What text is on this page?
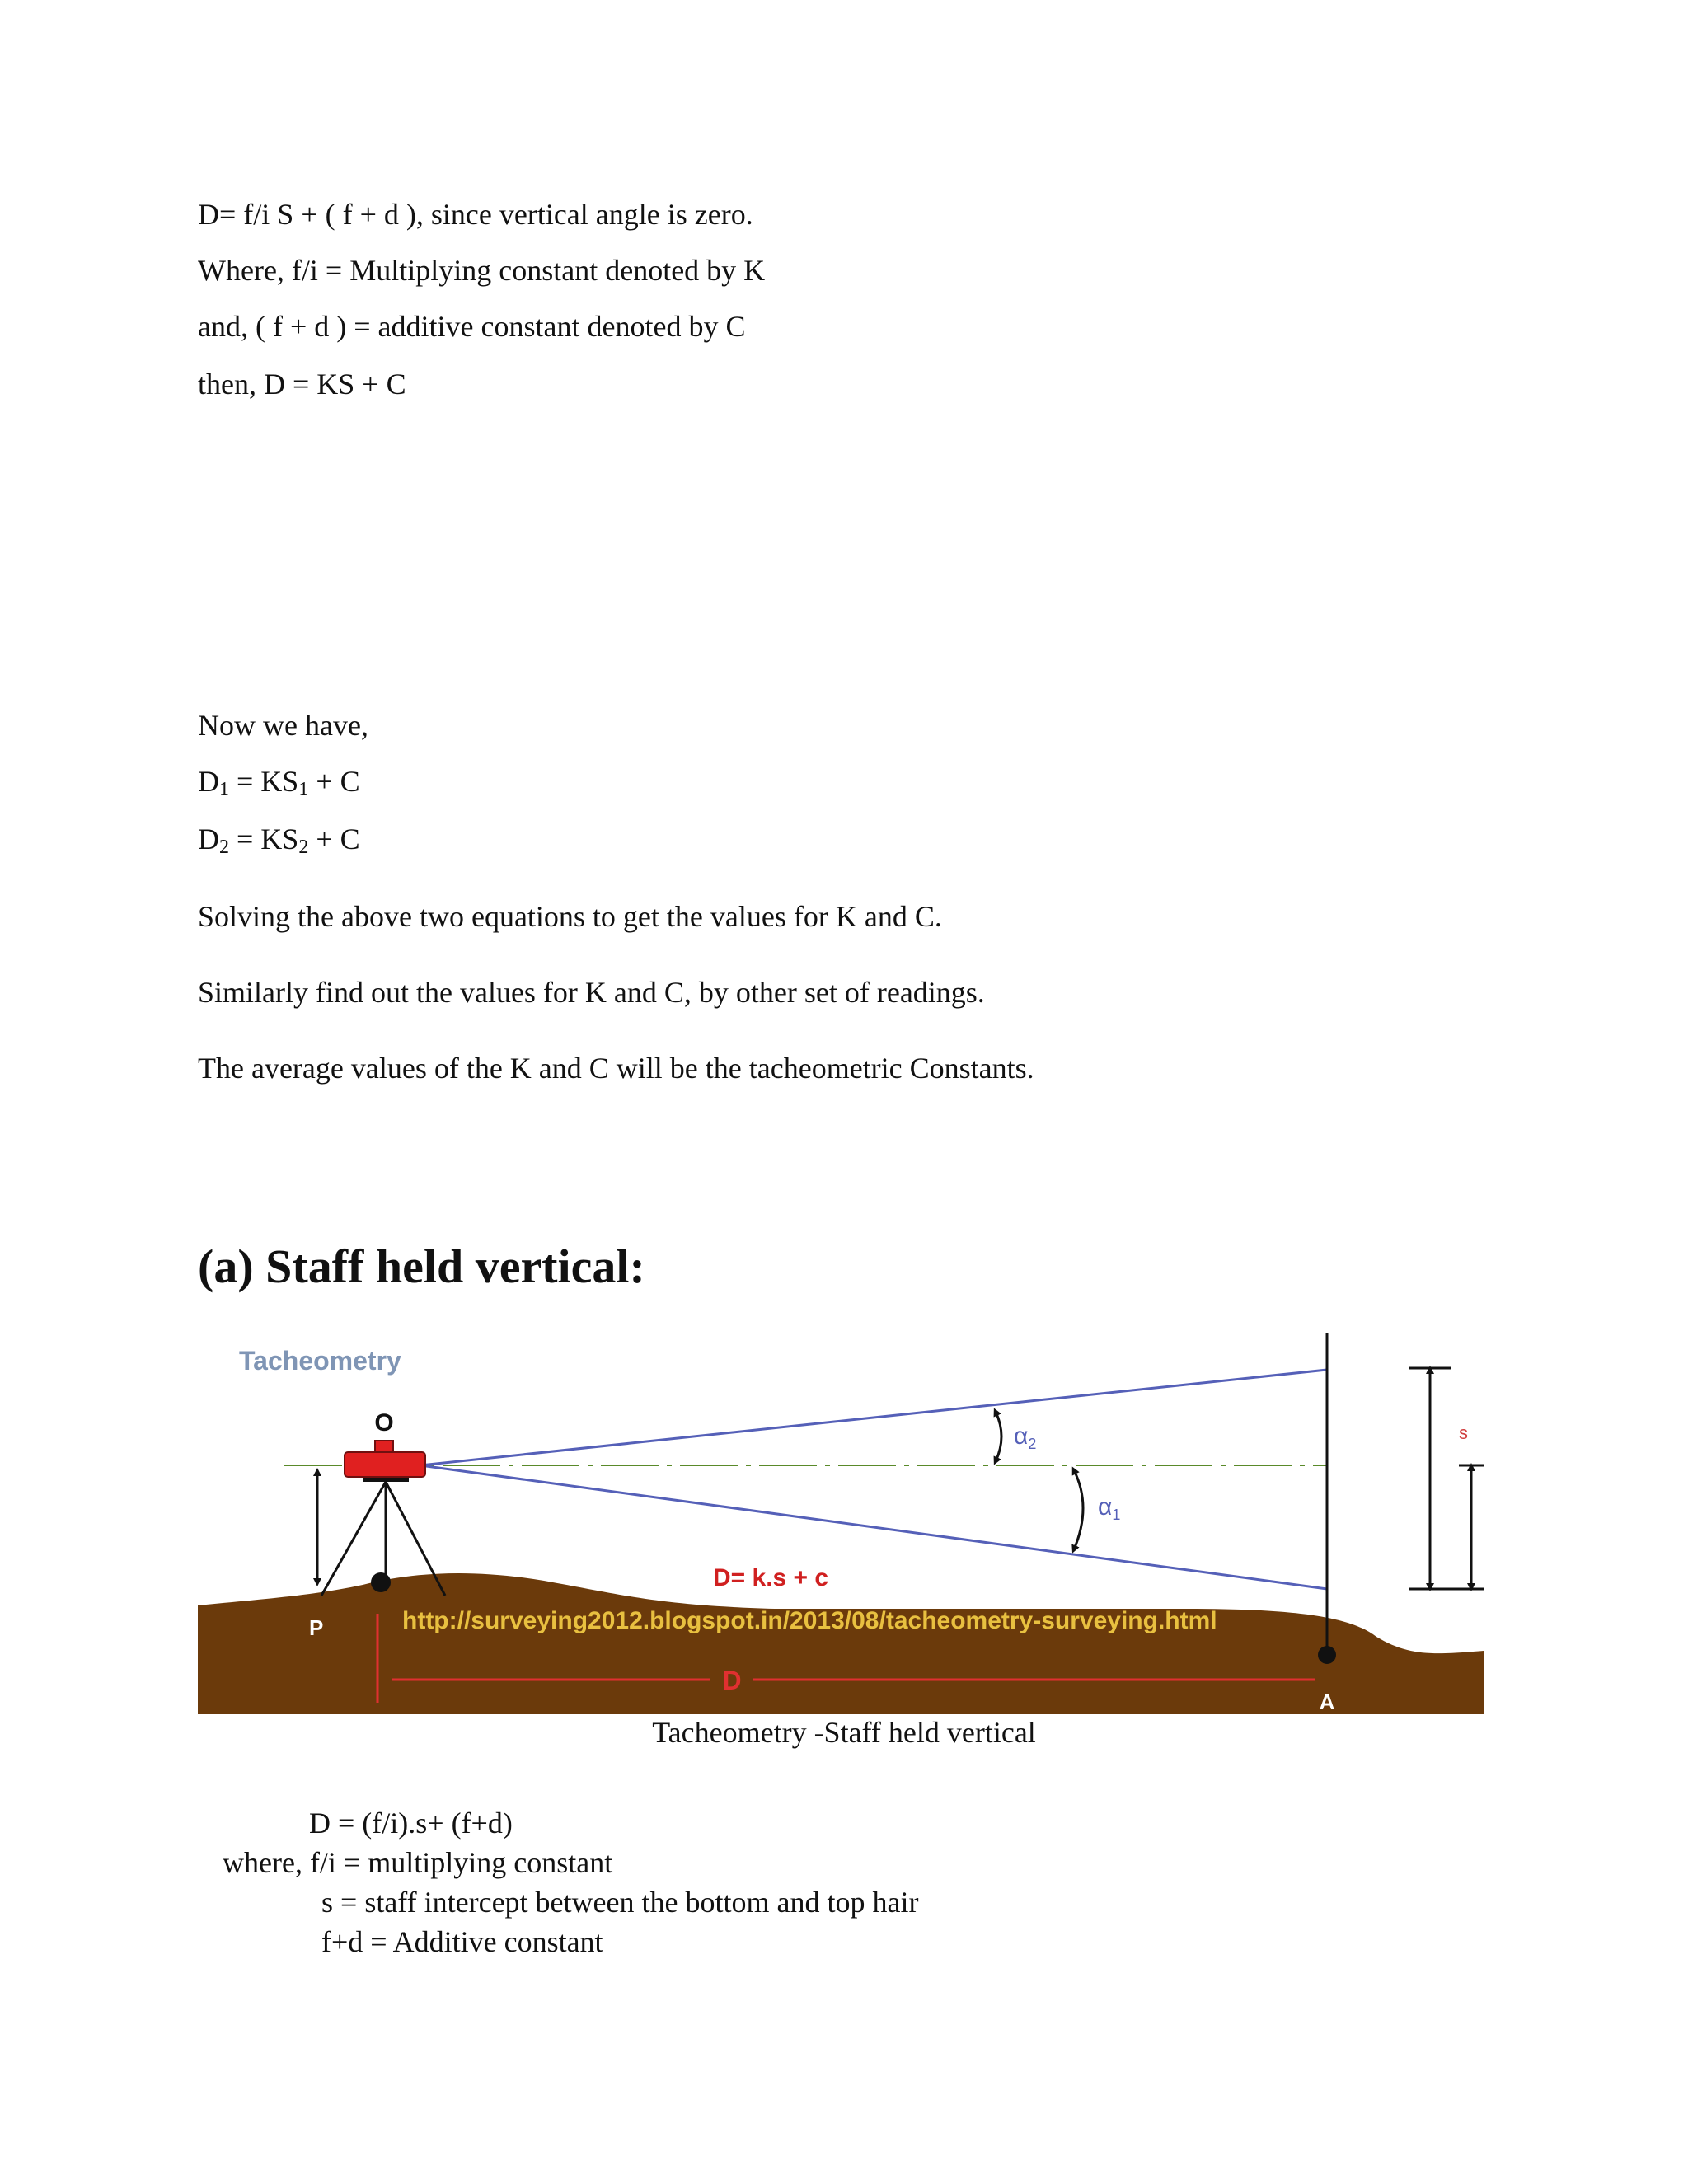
D= f/i S + ( f + d ), since vertical angle is zero.
Where, f/i = Multiplying constant denoted by K
and, ( f + d ) = additive constant denoted by C
then, D = KS + C
Now we have,
$D_1 = KS_1 + C$
$D_2 = KS_2 + C$
Solving the above two equations to get the values for K and C.
Similarly find out the values for K and C, by other set of readings.
The average values of the K and C will be the tacheometric Constants.
(a) Staff held vertical:
Tacheometry
O
P
A
$\alpha_2$
$\alpha_1$
D= k.s + c
http://surveying2012.blogspot.in/2013/08/tacheometry-surveying.html
D
s
Tacheometry -Staff held vertical
D = (f/i).s+ (f+d)
where, f/i = multiplying constant
s = staff intercept between the bottom and top hair
f+d = Additive constant
